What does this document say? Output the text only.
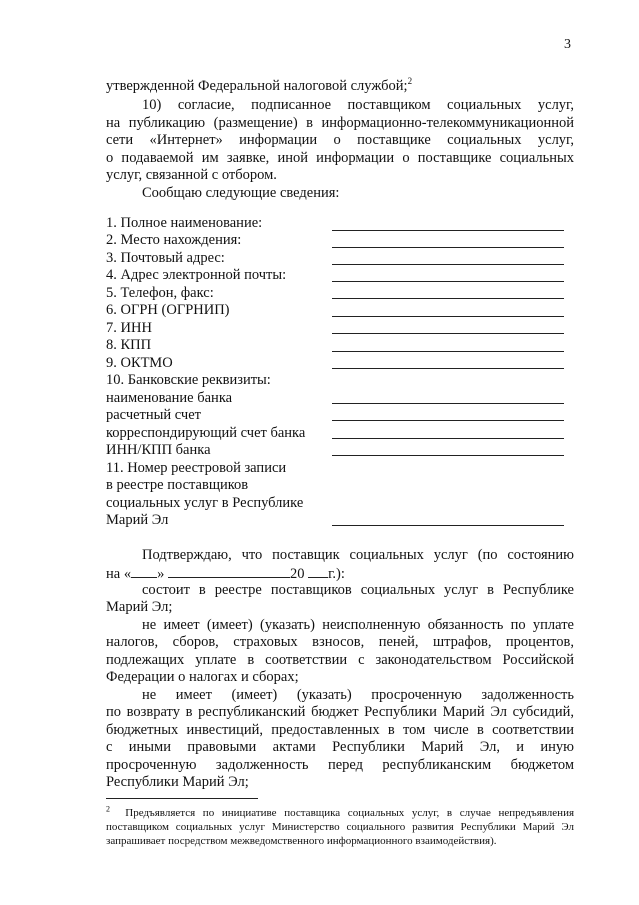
3
утвержденной Федеральной налоговой службой;$^2$
10) согласие, подписанное поставщиком социальных услуг,
на публикацию (размещение) в информационно-телекоммуникационной
сети «Интернет» информации о поставщике социальных услуг,
о подаваемой им заявке, иной информации о поставщике социальных
услуг, связанной с отбором.
Сообщаю следующие сведения:
1. Полное наименование:
2. Место нахождения:
3. Почтовый адрес:
4. Адрес электронной почты:
5. Телефон, факс:
6. ОГРН (ОГРНИП)
7. ИНН
8. КПП
9. ОКТМО
10. Банковские реквизиты:
наименование банка
расчетный счет
корреспондирующий счет банка
ИНН/КПП банка
11. Номер реестровой записи
в реестре поставщиков
социальных услуг в Республике
Марий Эл
Подтверждаю, что поставщик социальных услуг (по состоянию
на « »	20 г.):
состоит в реестре поставщиков социальных услуг в Республике
Марий Эл;
не имеет (имеет) (указать) неисполненную обязанность по уплате
налогов, сборов, страховых взносов, пеней, штрафов, процентов,
подлежащих уплате в соответствии с законодательством Российской
Федерации о налогах и сборах;
не имеет (имеет) (указать) просроченную задолженность
по возврату в республиканский бюджет Республики Марий Эл субсидий,
бюджетных инвестиций, предоставленных в том числе в соответствии
с иными правовыми актами Республики Марий Эл, и иную
просроченную задолженность перед республиканским бюджетом
Республики Марий Эл;
$^2$ Предъявляется по инициативе поставщика социальных услуг, в случае непредъявления
поставщиком социальных услуг Министерство социального развития Республики Марий Эл
запрашивает посредством межведомственного информационного взаимодействия).
